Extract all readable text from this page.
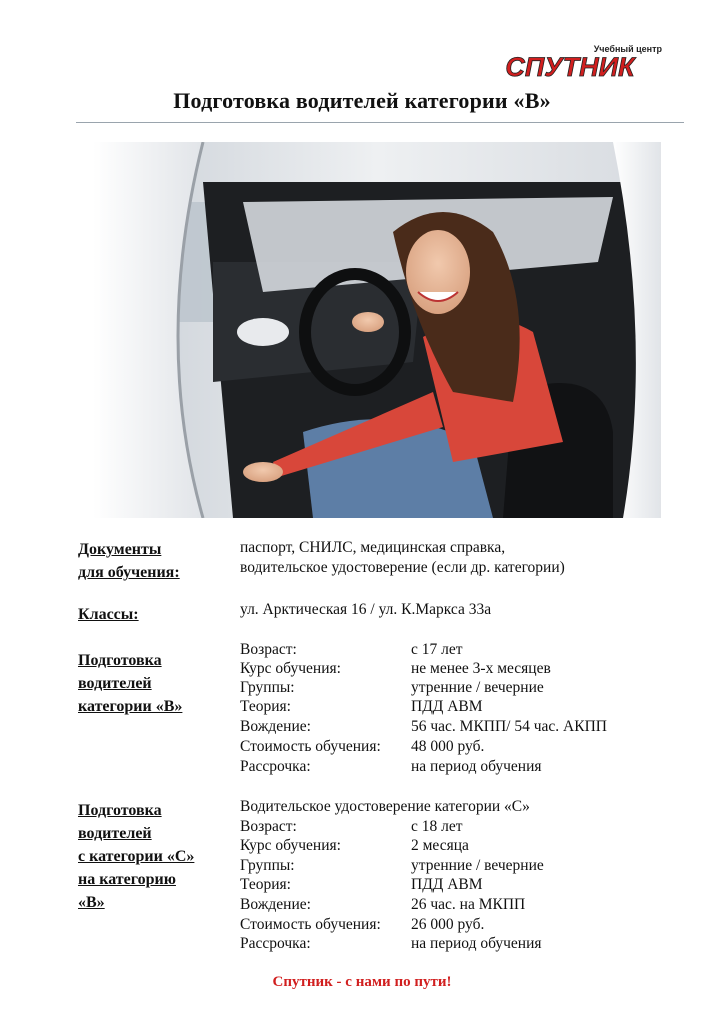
Учебный центр
СПУТНИК
Подготовка водителей категории «В»
Документы
для обучения:
паспорт, СНИЛС, медицинская справка,
водительское удостоверение (если др. категории)
Классы:	ул. Арктическая 16 / ул. К.Маркса 33а
Подготовка
водителей
категории «В»
Возраст:	с 17 лет
Курс обучения:	не менее 3-х месяцев
Группы:	утренние / вечерние
Теория:	ПДД АВМ
Вождение:	56 час. МКПП/ 54 час. АКПП
Стоимость обучения: 48 000 руб.
Рассрочка:	на период обучения
Подготовка
водителей
с категории «С»
на категорию
«В»
Водительское удостоверение категории «С»
Возраст:	с 18 лет
Курс обучения:	2 месяца
Группы:	утренние / вечерние
Теория:	ПДД АВМ
Вождение:	26 час. на МКПП
Стоимость обучения: 26 000 руб.
Рассрочка:	на период обучения
Спутник - с нами по пути!
